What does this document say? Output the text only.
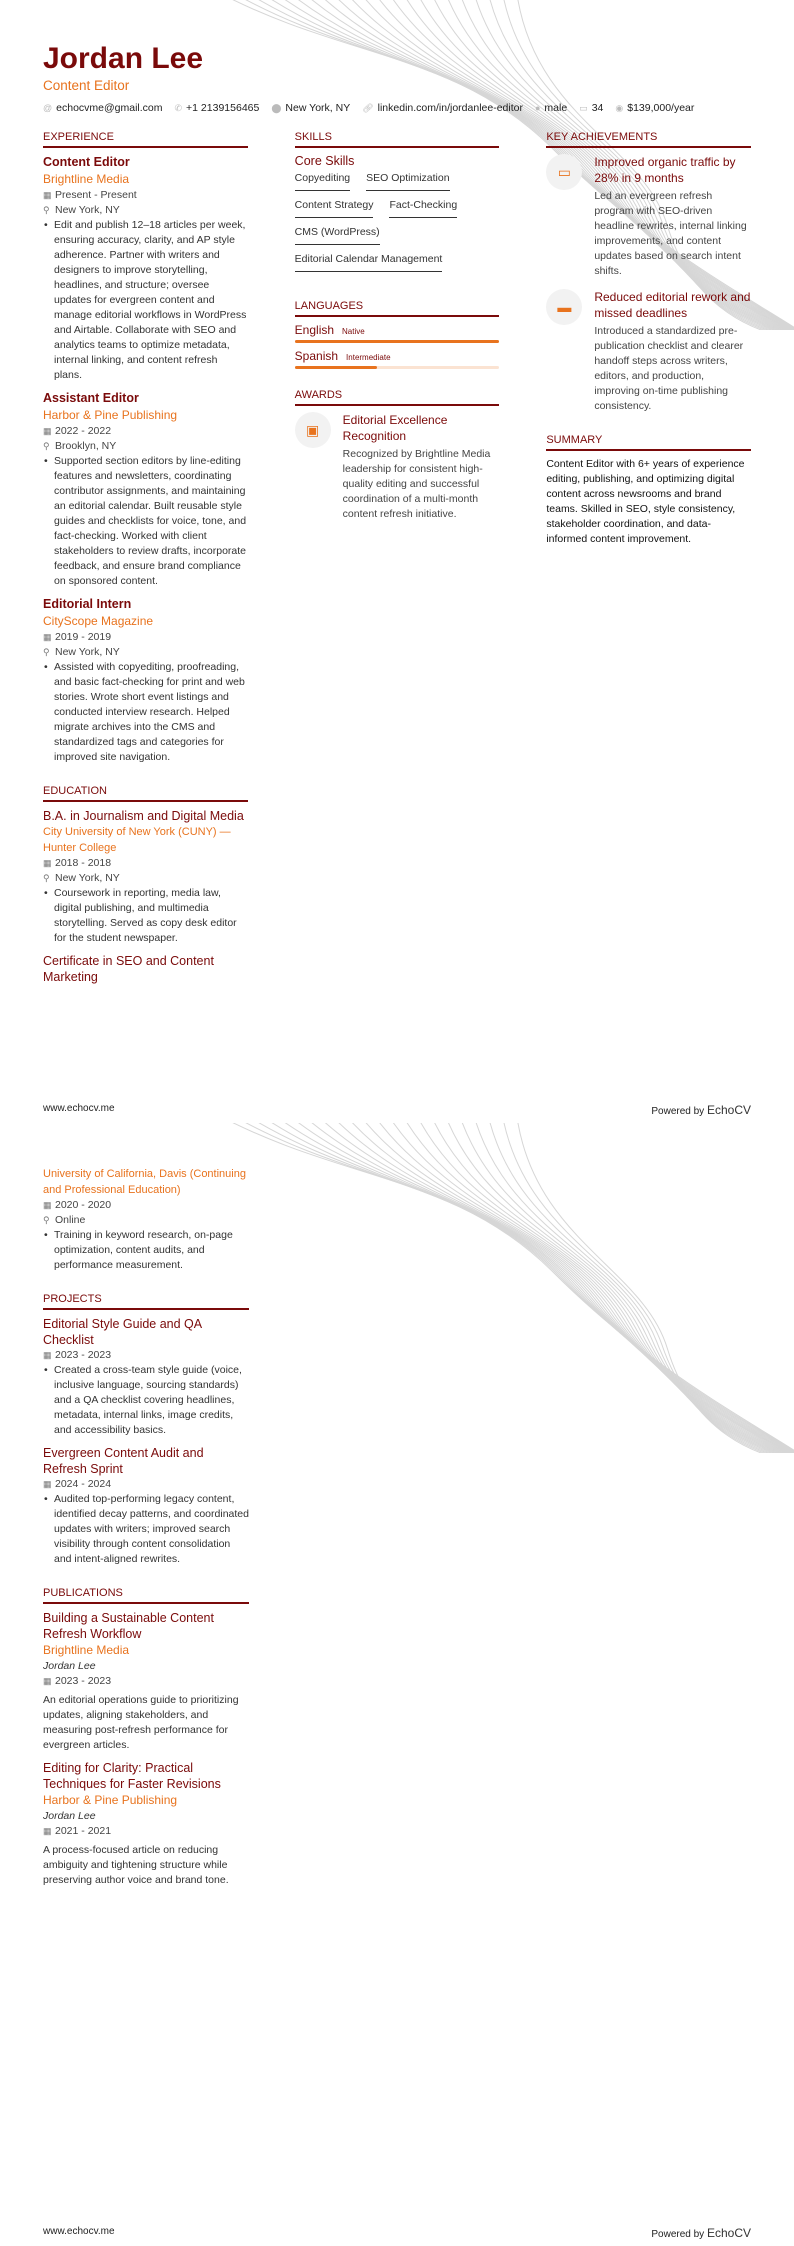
Jordan Lee
Content Editor
@ echocvme@gmail.com ✆ +1 2139156465 ⬤ New York, NY 🔗︎ linkedin.com/in/jordanlee-editor ● male ▭ 34 ◉ $139,000/year
EXPERIENCE
Content Editor
Brightline Media
▦ Present - Present
⚲ New York, NY
• Edit and publish 12–18 articles per week, ensuring accuracy, clarity, and AP style adherence. Partner with writers and designers to improve storytelling, headlines, and structure; oversee updates for evergreen content and manage editorial workflows in WordPress and Airtable. Collaborate with SEO and analytics teams to optimize metadata, internal linking, and content refresh plans.
Assistant Editor
Harbor & Pine Publishing
▦ 2022 - 2022
⚲ Brooklyn, NY
• Supported section editors by line-editing features and newsletters, coordinating contributor assignments, and maintaining an editorial calendar. Built reusable style guides and checklists for voice, tone, and fact-checking. Worked with client stakeholders to review drafts, incorporate feedback, and ensure brand compliance on sponsored content.
Editorial Intern
CityScope Magazine
▦ 2019 - 2019
⚲ New York, NY
• Assisted with copyediting, proofreading, and basic fact-checking for print and web stories. Wrote short event listings and conducted interview research. Helped migrate archives into the CMS and standardized tags and categories for improved site navigation.
EDUCATION
B.A. in Journalism and Digital Media
City University of New York (CUNY) — Hunter College
▦ 2018 - 2018
⚲ New York, NY
• Coursework in reporting, media law, digital publishing, and multimedia storytelling. Served as copy desk editor for the student newspaper.
Certificate in SEO and Content Marketing
SKILLS
Core Skills
Copyediting SEO Optimization
Content Strategy Fact-Checking
CMS (WordPress)
Editorial Calendar Management
LANGUAGES
English Native
Spanish Intermediate
AWARDS
▣
Editorial Excellence Recognition
Recognized by Brightline Media leadership for consistent high-quality editing and successful coordination of a multi-month content refresh initiative.
KEY ACHIEVEMENTS
▭
Improved organic traffic by 28% in 9 months
Led an evergreen refresh program with SEO-driven headline rewrites, internal linking improvements, and content updates based on search intent shifts.
▬
Reduced editorial rework and missed deadlines
Introduced a standardized pre-publication checklist and clearer handoff steps across writers, editors, and production, improving on-time publishing consistency.
SUMMARY
Content Editor with 6+ years of experience editing, publishing, and optimizing digital content across newsrooms and brand teams. Skilled in SEO, style consistency, stakeholder coordination, and data-informed content improvement.
www.echocv.me	Powered by EchoCV
University of California, Davis (Continuing and Professional Education)
▦ 2020 - 2020
⚲ Online
• Training in keyword research, on-page optimization, content audits, and performance measurement.
PROJECTS
Editorial Style Guide and QA Checklist
▦ 2023 - 2023
• Created a cross-team style guide (voice, inclusive language, sourcing standards) and a QA checklist covering headlines, metadata, internal links, image credits, and accessibility basics.
Evergreen Content Audit and Refresh Sprint
▦ 2024 - 2024
• Audited top-performing legacy content, identified decay patterns, and coordinated updates with writers; improved search visibility through content consolidation and intent-aligned rewrites.
PUBLICATIONS
Building a Sustainable Content Refresh Workflow
Brightline Media
Jordan Lee
▦ 2023 - 2023

An editorial operations guide to prioritizing updates, aligning stakeholders, and measuring post-refresh performance for evergreen articles.

Editing for Clarity: Practical Techniques for Faster Revisions
Harbor & Pine Publishing
Jordan Lee
▦ 2021 - 2021

A process-focused article on reducing ambiguity and tightening structure while preserving author voice and brand tone.

www.echocv.me	Powered by EchoCV
